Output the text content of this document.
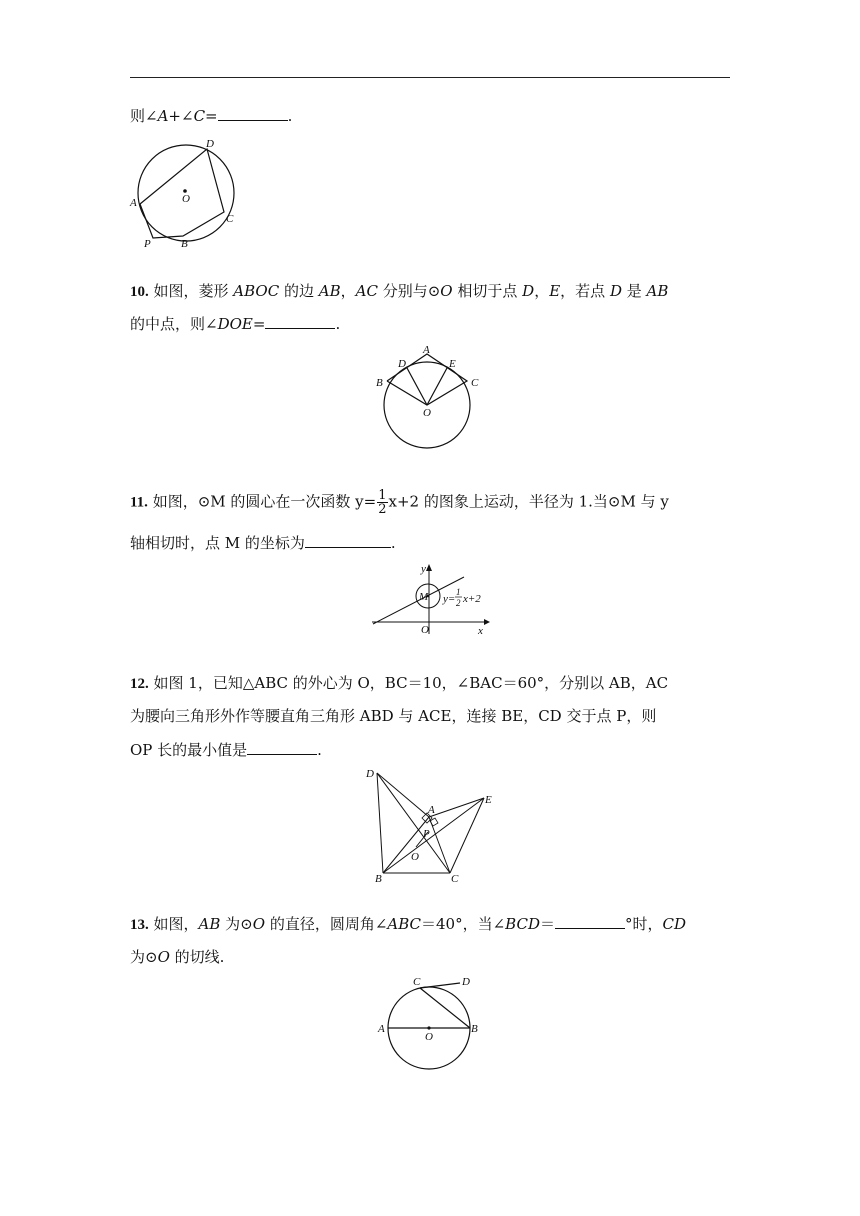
则∠A+∠C=	.
D
A
C
B
P
O
10. 如图，菱形 ABOC 的边 AB，AC 分别与⊙O 相切于点 D，E，若点 D 是 AB
的中点，则∠DOE=	.
A
D	E
B	C
O
11. 如图，⊙M 的圆心在一次函数 $y= \frac{1}{2} x+2$ 的图象上运动，半径为 1.当⊙M 与 y
轴相切时，点 M 的坐标为	.
y
x
O
M y=
1
2 x+2
12. 如图 1，已知△ABC 的外心为 O，BC＝10，∠BAC＝60°，分别以 AB，AC
为腰向三角形外作等腰直角三角形 ABD 与 ACE，连接 BE，CD 交于点 P，则
OP 长的最小值是	.
D
A
E
P
O
B	C
13. 如图，AB 为⊙O 的直径，圆周角∠ABC＝40°，当∠BCD＝	°时，CD
为⊙O 的切线.
C	D
A	B
O
